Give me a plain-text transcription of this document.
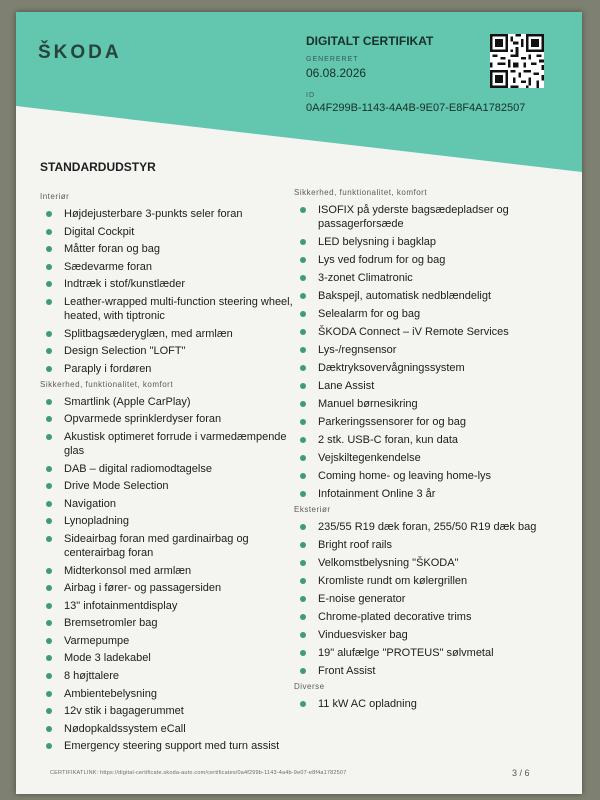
ŠKODA
DIGITALT CERTIFIKAT
GENERERET
06.08.2026
ID
0A4F299B-1143-4A4B-9E07-E8F4A1782507
STANDARDUDSTYR
Interiør
Højdejusterbare 3-punkts seler foran
Digital Cockpit
Måtter foran og bag
Sædevarme foran
Indtræk i stof/kunstlæder
Leather-wrapped multi-function steering wheel, heated, with tiptronic
Splitbagsæderyglæn, med armlæn
Design Selection "LOFT"
Paraply i fordøren
Sikkerhed, funktionalitet, komfort
Smartlink (Apple CarPlay)
Opvarmede sprinklerdyser foran
Akustisk optimeret forrude i varmedæmpende glas
DAB – digital radiomodtagelse
Drive Mode Selection
Navigation
Lynopladning
Sideairbag foran med gardinairbag og centerairbag foran
Midterkonsol med armlæn
Airbag i fører- og passagersiden
13" infotainmentdisplay
Bremsetromler bag
Varmepumpe
Mode 3 ladekabel
8 højttalere
Ambientebelysning
12v stik i bagagerummet
Nødopkaldssystem eCall
Emergency steering support med turn assist
Sikkerhed, funktionalitet, komfort
ISOFIX på yderste bagsædepladser og passagerforsæde
LED belysning i bagklap
Lys ved fodrum for og bag
3-zonet Climatronic
Bakspejl, automatisk nedblændeligt
Selealarm for og bag
ŠKODA Connect – iV Remote Services
Lys-/regnsensor
Dæktryksovervågningssystem
Lane Assist
Manuel børnesikring
Parkeringssensorer for og bag
2 stk. USB-C foran, kun data
Vejskiltegenkendelse
Coming home- og leaving home-lys
Infotainment Online 3 år
Eksteriør
235/55 R19 dæk foran, 255/50 R19 dæk bag
Bright roof rails
Velkomstbelysning "ŠKODA"
Kromliste rundt om kølergrillen
E-noise generator
Chrome-plated decorative trims
Vinduesvisker bag
19" alufælge "PROTEUS" sølvmetal
Front Assist
Diverse
11 kW AC opladning
CERTIFIKATLINK: https://digital-certificate.skoda-auto.com/certificates/0a4f299b-1143-4a4b-9e07-e8f4a1782507	3 / 6
